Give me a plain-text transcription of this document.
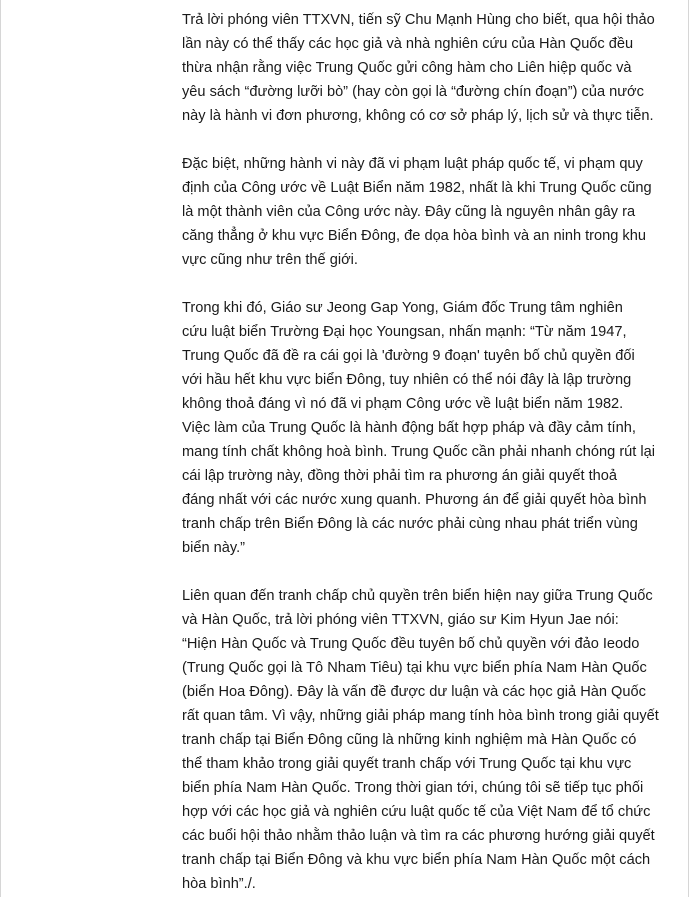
Trả lời phóng viên TTXVN, tiến sỹ Chu Mạnh Hùng cho biết, qua hội thảo
lần này có thể thấy các học giả và nhà nghiên cứu của Hàn Quốc đều
thừa nhận rằng việc Trung Quốc gửi công hàm cho Liên hiệp quốc và
yêu sách “đường lưỡi bò” (hay còn gọi là “đường chín đoạn”) của nước
này là hành vi đơn phương, không có cơ sở pháp lý, lịch sử và thực tiễn.

Đặc biệt, những hành vi này đã vi phạm luật pháp quốc tế, vi phạm quy
định của Công ước về Luật Biển năm 1982, nhất là khi Trung Quốc cũng
là một thành viên của Công ước này. Đây cũng là nguyên nhân gây ra
căng thẳng ở khu vực Biển Đông, đe dọa hòa bình và an ninh trong khu
vực cũng như trên thế giới.

Trong khi đó, Giáo sư Jeong Gap Yong, Giám đốc Trung tâm nghiên
cứu luật biển Trường Đại học Youngsan, nhấn mạnh: “Từ năm 1947,
Trung Quốc đã đề ra cái gọi là 'đường 9 đoạn' tuyên bố chủ quyền đối
với hầu hết khu vực biển Đông, tuy nhiên có thể nói đây là lập trường
không thoả đáng vì nó đã vi phạm Công ước về luật biển năm 1982.
Việc làm của Trung Quốc là hành động bất hợp pháp và đầy cảm tính,
mang tính chất không hoà bình. Trung Quốc cần phải nhanh chóng rút lại
cái lập trường này, đồng thời phải tìm ra phương án giải quyết thoả
đáng nhất với các nước xung quanh. Phương án để giải quyết hòa bình
tranh chấp trên Biển Đông là các nước phải cùng nhau phát triển vùng
biển này.”

Liên quan đến tranh chấp chủ quyền trên biển hiện nay giữa Trung Quốc
và Hàn Quốc, trả lời phóng viên TTXVN, giáo sư Kim Hyun Jae nói:
“Hiện Hàn Quốc và Trung Quốc đều tuyên bố chủ quyền với đảo Ieodo
(Trung Quốc gọi là Tô Nham Tiêu) tại khu vực biển phía Nam Hàn Quốc
(biển Hoa Đông). Đây là vấn đề được dư luận và các học giả Hàn Quốc
rất quan tâm. Vì vậy, những giải pháp mang tính hòa bình trong giải quyết
tranh chấp tại Biển Đông cũng là những kinh nghiệm mà Hàn Quốc có
thể tham khảo trong giải quyết tranh chấp với Trung Quốc tại khu vực
biển phía Nam Hàn Quốc. Trong thời gian tới, chúng tôi sẽ tiếp tục phối
hợp với các học giả và nghiên cứu luật quốc tế của Việt Nam để tổ chức
các buổi hội thảo nhằm thảo luận và tìm ra các phương hướng giải quyết
tranh chấp tại Biển Đông và khu vực biển phía Nam Hàn Quốc một cách
hòa bình”./.
